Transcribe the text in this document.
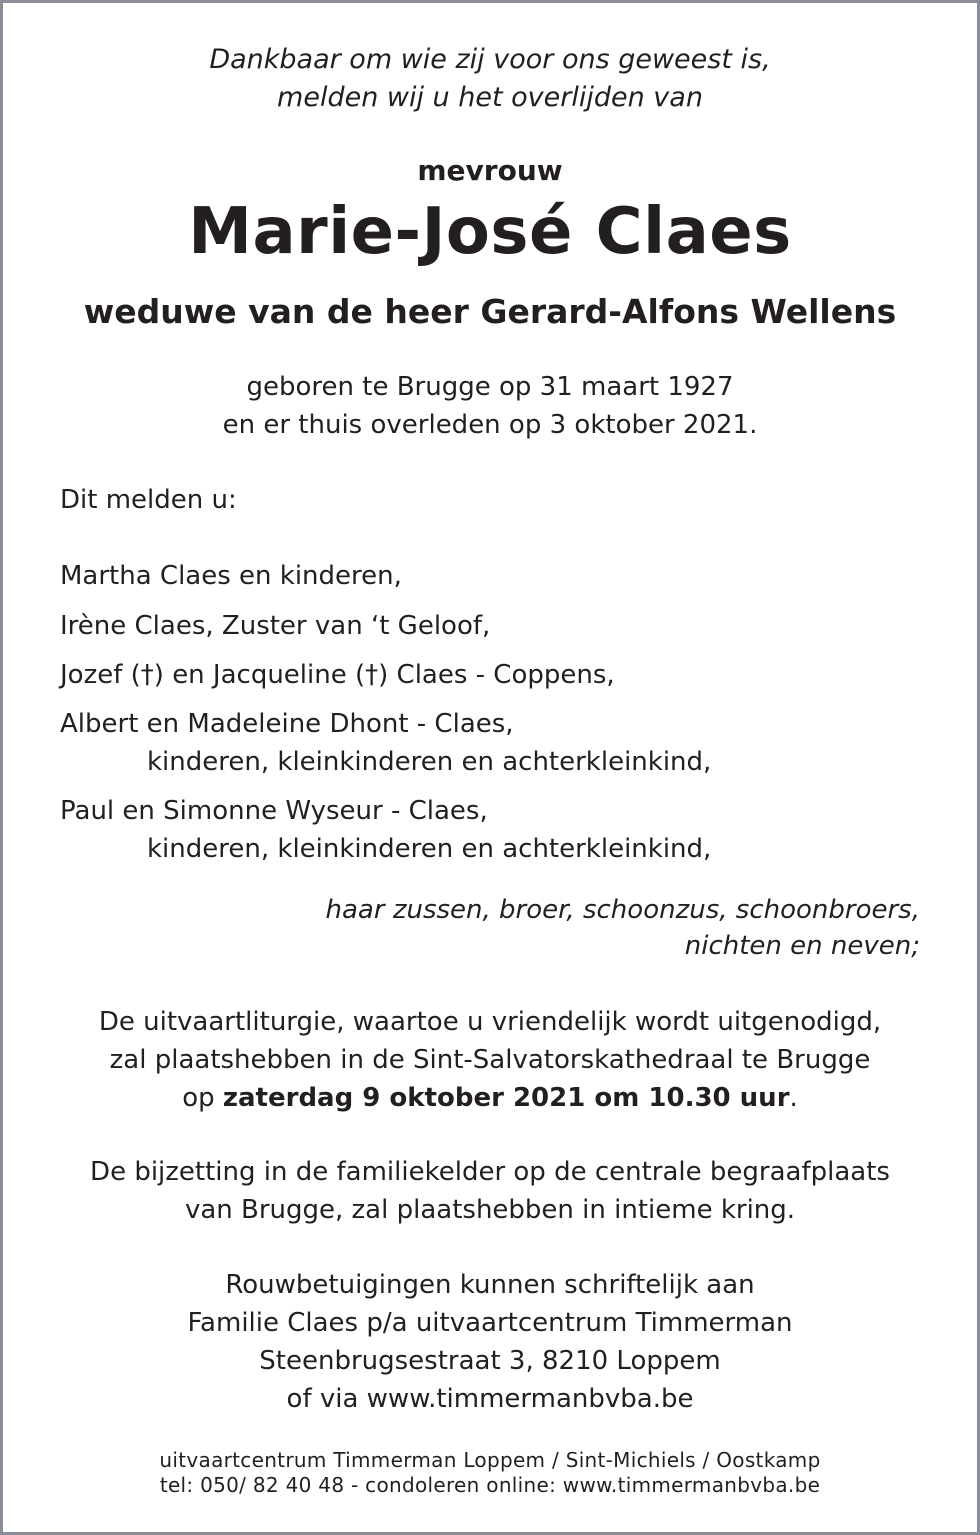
Dankbaar om wie zij voor ons geweest is,
melden wij u het overlijden van
mevrouw
Marie-José Claes
weduwe van de heer Gerard-Alfons Wellens
geboren te Brugge op 31 maart 1927
en er thuis overleden op 3 oktober 2021.
Dit melden u:
Martha Claes en kinderen,
Irène Claes, Zuster van ‘t Geloof,
Jozef (†) en Jacqueline (†) Claes - Coppens,
Albert en Madeleine Dhont - Claes,
kinderen, kleinkinderen en achterkleinkind,
Paul en Simonne Wyseur - Claes,
kinderen, kleinkinderen en achterkleinkind,
haar zussen, broer, schoonzus, schoonbroers,
nichten en neven;
De uitvaartliturgie, waartoe u vriendelijk wordt uitgenodigd,
zal plaatshebben in de Sint-Salvatorskathedraal te Brugge
op zaterdag 9 oktober 2021 om 10.30 uur.
De bijzetting in de familiekelder op de centrale begraafplaats
van Brugge, zal plaatshebben in intieme kring.
Rouwbetuigingen kunnen schriftelijk aan
Familie Claes p/a uitvaartcentrum Timmerman
Steenbrugsestraat 3, 8210 Loppem
of via www.timmermanbvba.be
uitvaartcentrum Timmerman Loppem / Sint-Michiels / Oostkamp
tel: 050/ 82 40 48 - condoleren online: www.timmermanbvba.be
